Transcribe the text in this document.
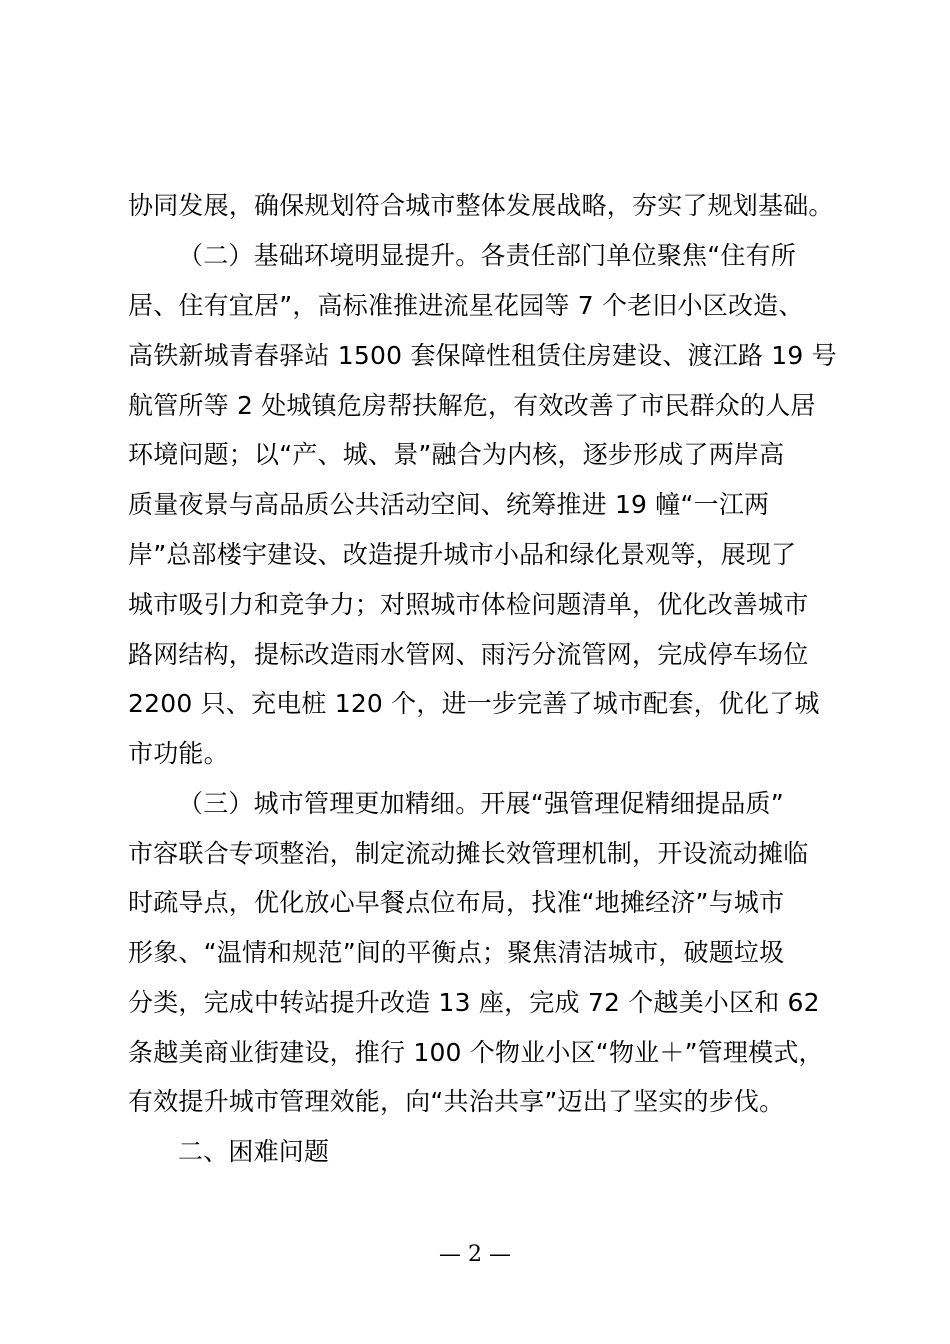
协同发展，确保规划符合城市整体发展战略，夯实了规划基础。
（二）基础环境明显提升。各责任部门单位聚焦“住有所
居、住有宜居”，高标准推进流星花园等 7 个老旧小区改造、
高铁新城青春驿站 1500 套保障性租赁住房建设、渡江路 19 号
航管所等 2 处城镇危房帮扶解危，有效改善了市民群众的人居
环境问题；以“产、城、景”融合为内核，逐步形成了两岸高
质量夜景与高品质公共活动空间、统筹推进 19 幢“一江两
岸”总部楼宇建设、改造提升城市小品和绿化景观等，展现了
城市吸引力和竞争力；对照城市体检问题清单，优化改善城市
路网结构，提标改造雨水管网、雨污分流管网，完成停车场位
2200 只、充电桩 120 个，进一步完善了城市配套，优化了城
市功能。
（三）城市管理更加精细。开展“强管理促精细提品质”
市容联合专项整治，制定流动摊长效管理机制，开设流动摊临
时疏导点，优化放心早餐点位布局，找准“地摊经济”与城市
形象、“温情和规范”间的平衡点；聚焦清洁城市，破题垃圾
分类，完成中转站提升改造 13 座，完成 72 个越美小区和 62
条越美商业街建设，推行 100 个物业小区“物业＋”管理模式，
有效提升城市管理效能，向“共治共享”迈出了坚实的步伐。
二、困难问题
— 2 —
